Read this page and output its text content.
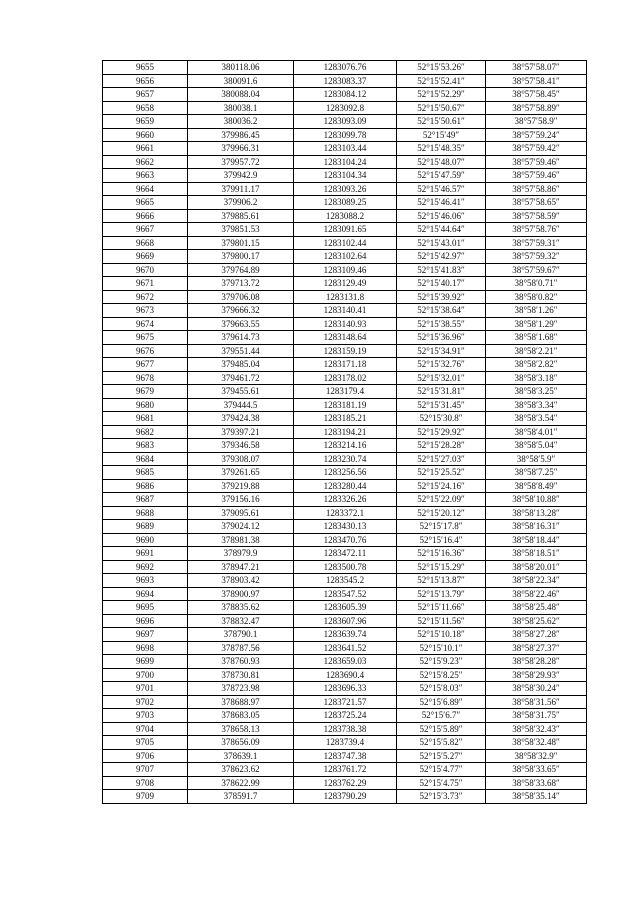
9655	380118.06	1283076.76	52°15′53.26″	38°57′58.07″
9656	380091.6	1283083.37	52°15′52.41″	38°57′58.41″
9657	380088.04	1283084.12	52°15′52.29″	38°57′58.45″
9658	380038.1	1283092.8	52°15′50.67″	38°57′58.89″
9659	380036.2	1283093.09	52°15′50.61″	38°57′58.9″
9660	379986.45	1283099.78	52°15′49″	38°57′59.24″
9661	379966.31	1283103.44	52°15′48.35″	38°57′59.42″
9662	379957.72	1283104.24	52°15′48.07″	38°57′59.46″
9663	379942.9	1283104.34	52°15′47.59″	38°57′59.46″
9664	379911.17	1283093.26	52°15′46.57″	38°57′58.86″
9665	379906.2	1283089.25	52°15′46.41″	38°57′58.65″
9666	379885.61	1283088.2	52°15′46.06″	38°57′58.59″
9667	379851.53	1283091.65	52°15′44.64″	38°57′58.76″
9668	379801.15	1283102.44	52°15′43.01″	38°57′59.31″
9669	379800.17	1283102.64	52°15′42.97″	38°57′59.32″
9670	379764.89	1283109.46	52°15′41.83″	38°57′59.67″
9671	379713.72	1283129.49	52°15′40.17″	38°58′0.71″
9672	379706.08	1283131.8	52°15′39.92″	38°58′0.82″
9673	379666.32	1283140.41	52°15′38.64″	38°58′1.26″
9674	379663.55	1283140.93	52°15′38.55″	38°58′1.29″
9675	379614.73	1283148.64	52°15′36.96″	38°58′1.68″
9676	379551.44	1283159.19	52°15′34.91″	38°58′2.21″
9677	379485.04	1283171.18	52°15′32.76″	38°58′2.82″
9678	379461.72	1283178.02	52°15′32.01″	38°58′3.18″
9679	379455.61	1283179.4	52°15′31.81″	38°58′3.25″
9680	379444.5	1283181.19	52°15′31.45″	38°58′3.34″
9681	379424.38	1283185.21	52°15′30.8″	38°58′3.54″
9682	379397.21	1283194.21	52°15′29.92″	38°58′4.01″
9683	379346.58	1283214.16	52°15′28.28″	38°58′5.04″
9684	379308.07	1283230.74	52°15′27.03″	38°58′5.9″
9685	379261.65	1283256.56	52°15′25.52″	38°58′7.25″
9686	379219.88	1283280.44	52°15′24.16″	38°58′8.49″
9687	379156.16	1283326.26	52°15′22.09″	38°58′10.88″
9688	379095.61	1283372.1	52°15′20.12″	38°58′13.28″
9689	379024.12	1283430.13	52°15′17.8″	38°58′16.31″
9690	378981.38	1283470.76	52°15′16.4″	38°58′18.44″
9691	378979.9	1283472.11	52°15′16.36″	38°58′18.51″
9692	378947.21	1283500.78	52°15′15.29″	38°58′20.01″
9693	378903.42	1283545.2	52°15′13.87″	38°58′22.34″
9694	378900.97	1283547.52	52°15′13.79″	38°58′22.46″
9695	378835.62	1283605.39	52°15′11.66″	38°58′25.48″
9696	378832.47	1283607.96	52°15′11.56″	38°58′25.62″
9697	378790.1	1283639.74	52°15′10.18″	38°58′27.28″
9698	378787.56	1283641.52	52°15′10.1″	38°58′27.37″
9699	378760.93	1283659.03	52°15′9.23″	38°58′28.28″
9700	378730.81	1283690.4	52°15′8.25″	38°58′29.93″
9701	378723.98	1283696.33	52°15′8.03″	38°58′30.24″
9702	378688.97	1283721.57	52°15′6.89″	38°58′31.56″
9703	378683.05	1283725.24	52°15′6.7″	38°58′31.75″
9704	378658.13	1283738.38	52°15′5.89″	38°58′32.43″
9705	378656.09	1283739.4	52°15′5.82″	38°58′32.48″
9706	378639.1	1283747.38	52°15′5.27″	38°58′32.9″
9707	378623.62	1283761.72	52°15′4.77″	38°58′33.65″
9708	378622.99	1283762.29	52°15′4.75″	38°58′33.68″
9709	378591.7	1283790.29	52°15′3.73″	38°58′35.14″
